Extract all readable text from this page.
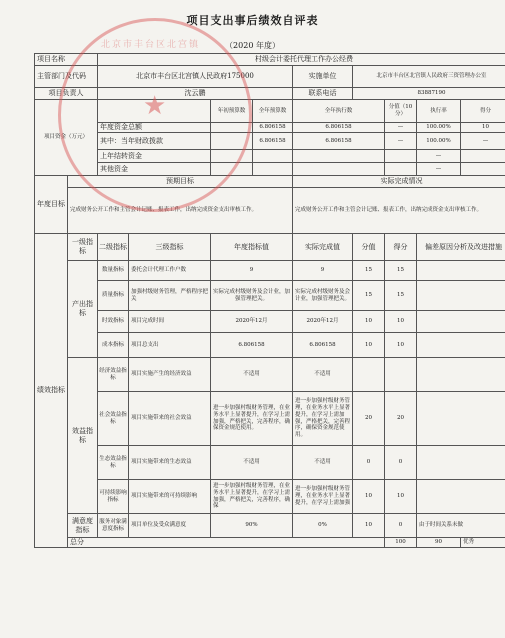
项目支出事后绩效自评表
（2020 年度）
项目名称		村级会计委托代理工作办公经费								
主管部门及代码		北京市丰台区北宫镇人民政府175000				实施单位	北京市丰台区北宫镇人民政府三资管理办公室			
项目负责人		沈云鹏				联系电话	83887190			
项目资金（万元）				年初预算数	全年预算数	全年执行数		分值（10分）	执行率	得分
		年度资金总额			6.806158	6.806158		—	100.00%	10
		其中：当年财政拨款			6.806158	6.806158		—	100.00%	—
		上年结转资金							—	
		其他资金							—	
年度目标	预期目标					实际完成情况				
	完成财务公开工作和主管会计记账、报表工作，出纳完成资金支出审核工作。					完成财务公开工作和主管会计记账、报表工作，出纳完成资金支出审核工作。				
绩效指标	一级指标	二级指标	三级指标	年度指标值		实际完成值	分值	得分	偏差原因分析及改进措施	
	产出指标	数量指标	委托会计代理工作户数	9		9	15	15		
		质量指标	加强村级财务管理，严格程序把关	实际完成村级财务及会计业，加强管理把关。		实际完成村级财务及会计业，加强管理把关。	15	15		
		时效指标	项目完成时间	2020年12月		2020年12月	10	10		
		成本指标	项目总支出	6.806158		6.806158	10	10		
	效益指标	经济效益指标	项目实施产生的经济效益	不适用		不适用				
		社会效益指标	项目实施带来的社会效益	进一步加强村级财务管理，在业务水平上显著提升，在学习上需加强，严格把关，完善程序，确保资金规范使用。		进一步加强村级财务管理，在业务水平上显著提升，在学习上需加强，严格把关，完善程序，确保资金规范使用。	20	20		
		生态效益指标	项目实施带来的生态效益	不适用		不适用	0	0		
		可持续影响指标	项目实施带来的可持续影响	进一步加强村级财务管理，在业务水平上显著提升，在学习上需加强，严格把关，完善程序，确保		进一步加强村级财务管理，在业务水平上显著提升，在学习上需加强	10	10		
	满意度指标	服务对象满意度指标	项目单位及受众满意度	90%		0%	10	0	由于时间关系未做	
	总分							100	90	优秀
北京市丰台区北宫镇
★
